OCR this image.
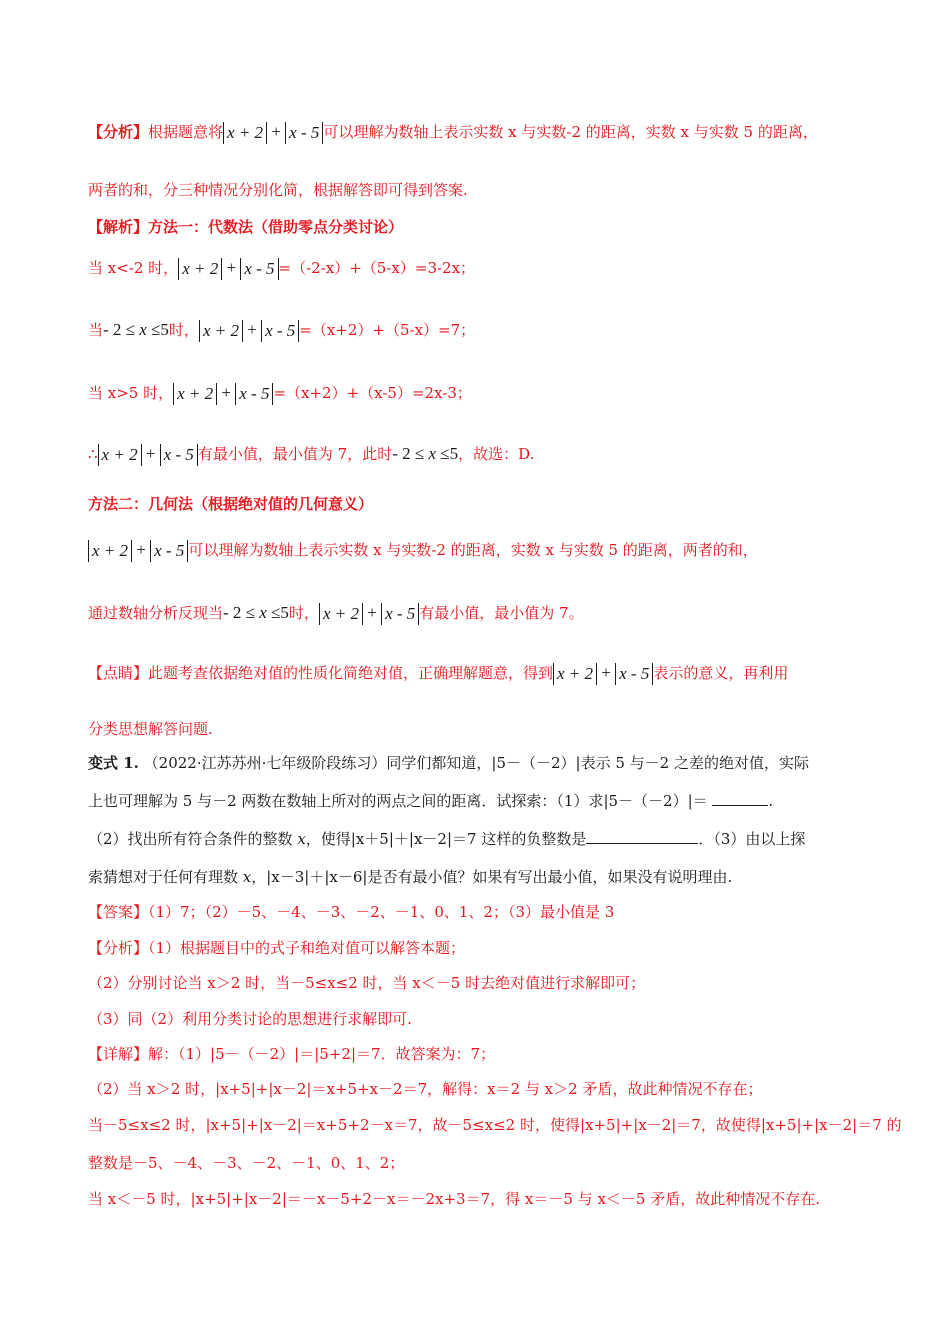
【分析】根据题意将 x + 2 + x - 5 可以理解为数轴上表示实数 x 与实数-2 的距离，实数 x 与实数 5 的距离，
两者的和，分三种情况分别化简，根据解答即可得到答案.
【解析】方法一：代数法（借助零点分类讨论）
当 x<-2 时， x + 2 + x - 5 =（-2-x）+（5-x）=3-2x；
当- 2 ≤ x ≤5时， x + 2 + x - 5 =（x+2）+（5-x）=7；
当 x>5 时， x + 2 + x - 5 =（x+2）+（x-5）=2x-3；
∴ x + 2 + x - 5 有最小值，最小值为 7，此时- 2 ≤ x ≤5，故选：D.
方法二：几何法（根据绝对值的几何意义）
x + 2 + x - 5 可以理解为数轴上表示实数 x 与实数-2 的距离，实数 x 与实数 5 的距离，两者的和，
通过数轴分析反现当- 2 ≤ x ≤5时， x + 2 + x - 5 有最小值，最小值为 7。
【点睛】此题考查依据绝对值的性质化简绝对值，正确理解题意，得到 x + 2 + x - 5 表示的意义，再利用
分类思想解答问题.
变式 1. （2022·江苏苏州·七年级阶段练习）同学们都知道，|5－（－2）|表示 5 与－2 之差的绝对值，实际
上也可理解为 5 与－2 两数在数轴上所对的两点之间的距离．试探索：（1）求|5－（－2）|＝	.
（2）找出所有符合条件的整数 x，使得|x＋5|＋|x－2|＝7 这样的负整数是	．（3）由以上探
索猜想对于任何有理数 x，|x－3|＋|x－6|是否有最小值？如果有写出最小值，如果没有说明理由.
【答案】（1）7；（2）－5、－4、－3、－2、－1、0、1、2；（3）最小值是 3
【分析】（1）根据题目中的式子和绝对值可以解答本题；
（2）分别讨论当 x＞2 时，当－5≤x≤2 时，当 x＜－5 时去绝对值进行求解即可；
（3）同（2）利用分类讨论的思想进行求解即可.
【详解】解：（1）|5－（－2）|＝|5+2|＝7．故答案为：7；
（2）当 x＞2 时，|x+5|+|x－2|＝x+5+x－2＝7，解得：x＝2 与 x＞2 矛盾，故此种情况不存在；
当－5≤x≤2 时，|x+5|+|x－2|＝x+5+2－x＝7，故－5≤x≤2 时，使得|x+5|+|x－2|＝7，故使得|x+5|+|x－2|＝7 的
整数是－5、－4、－3、－2、－1、0、1、2；
当 x＜－5 时，|x+5|+|x－2|＝－x－5+2－x＝－2x+3＝7，得 x＝－5 与 x＜－5 矛盾，故此种情况不存在.
